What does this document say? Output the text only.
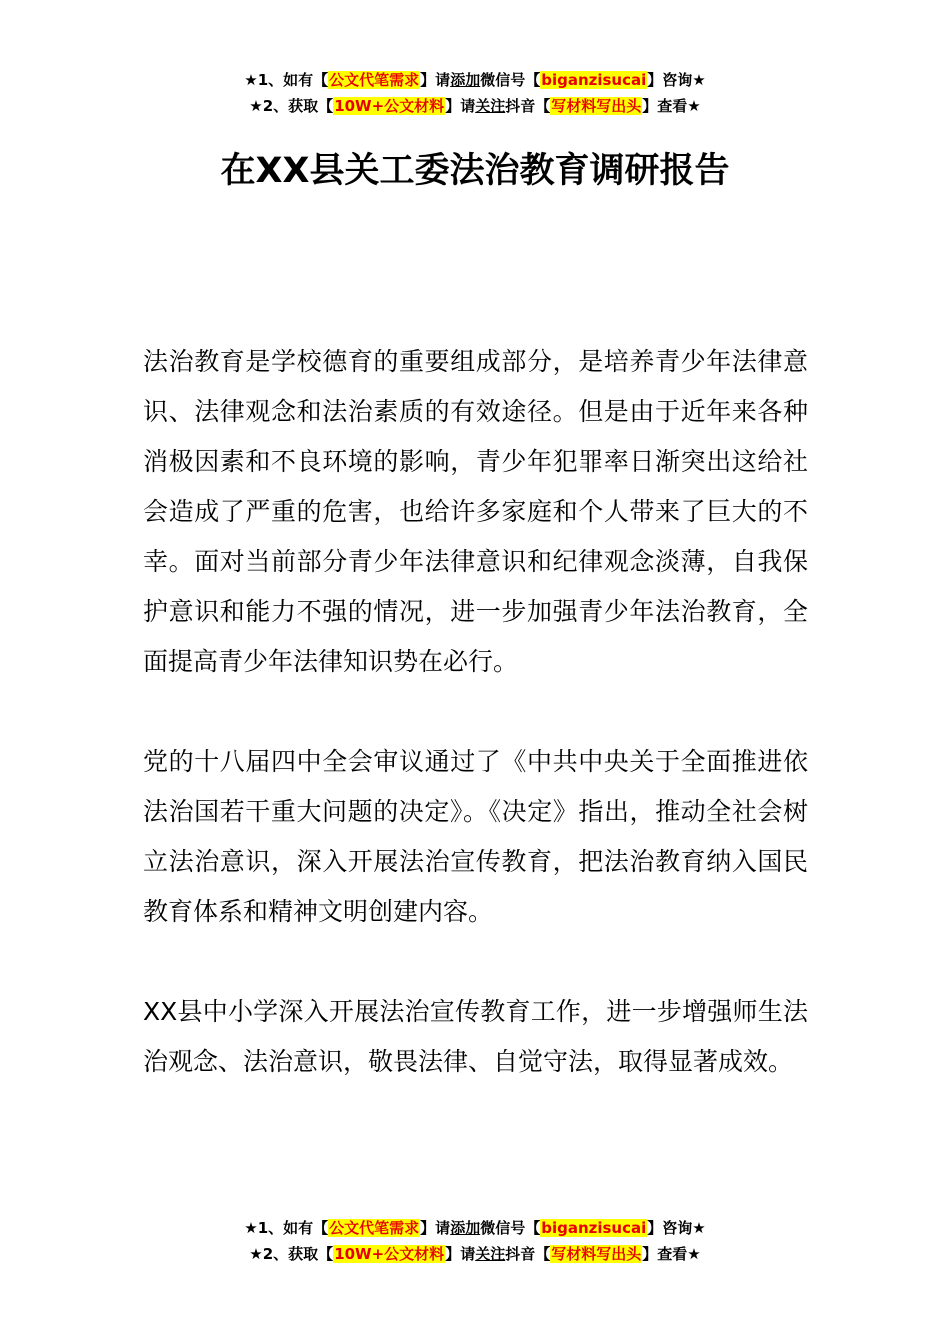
★1、如有【公文代笔需求】请添加微信号【biganzisucai】咨询★
★2、获取【10W+公文材料】请关注抖音【写材料写出头】查看★
在XX县关工委法治教育调研报告

法治教育是学校德育的重要组成部分，是培养青少年法律意识、法律观念和法治素质的有效途径。但是由于近年来各种消极因素和不良环境的影响，青少年犯罪率日渐突出这给社会造成了严重的危害，也给许多家庭和个人带来了巨大的不幸。面对当前部分青少年法律意识和纪律观念淡薄，自我保护意识和能力不强的情况，进一步加强青少年法治教育，全面提高青少年法律知识势在必行。

党的十八届四中全会审议通过了《中共中央关于全面推进依法治国若干重大问题的决定》。《决定》指出，推动全社会树立法治意识，深入开展法治宣传教育，把法治教育纳入国民教育体系和精神文明创建内容。

XX县中小学深入开展法治宣传教育工作，进一步增强师生法治观念、法治意识，敬畏法律、自觉守法，取得显著成效。

★1、如有【公文代笔需求】请添加微信号【biganzisucai】咨询★
★2、获取【10W+公文材料】请关注抖音【写材料写出头】查看★
